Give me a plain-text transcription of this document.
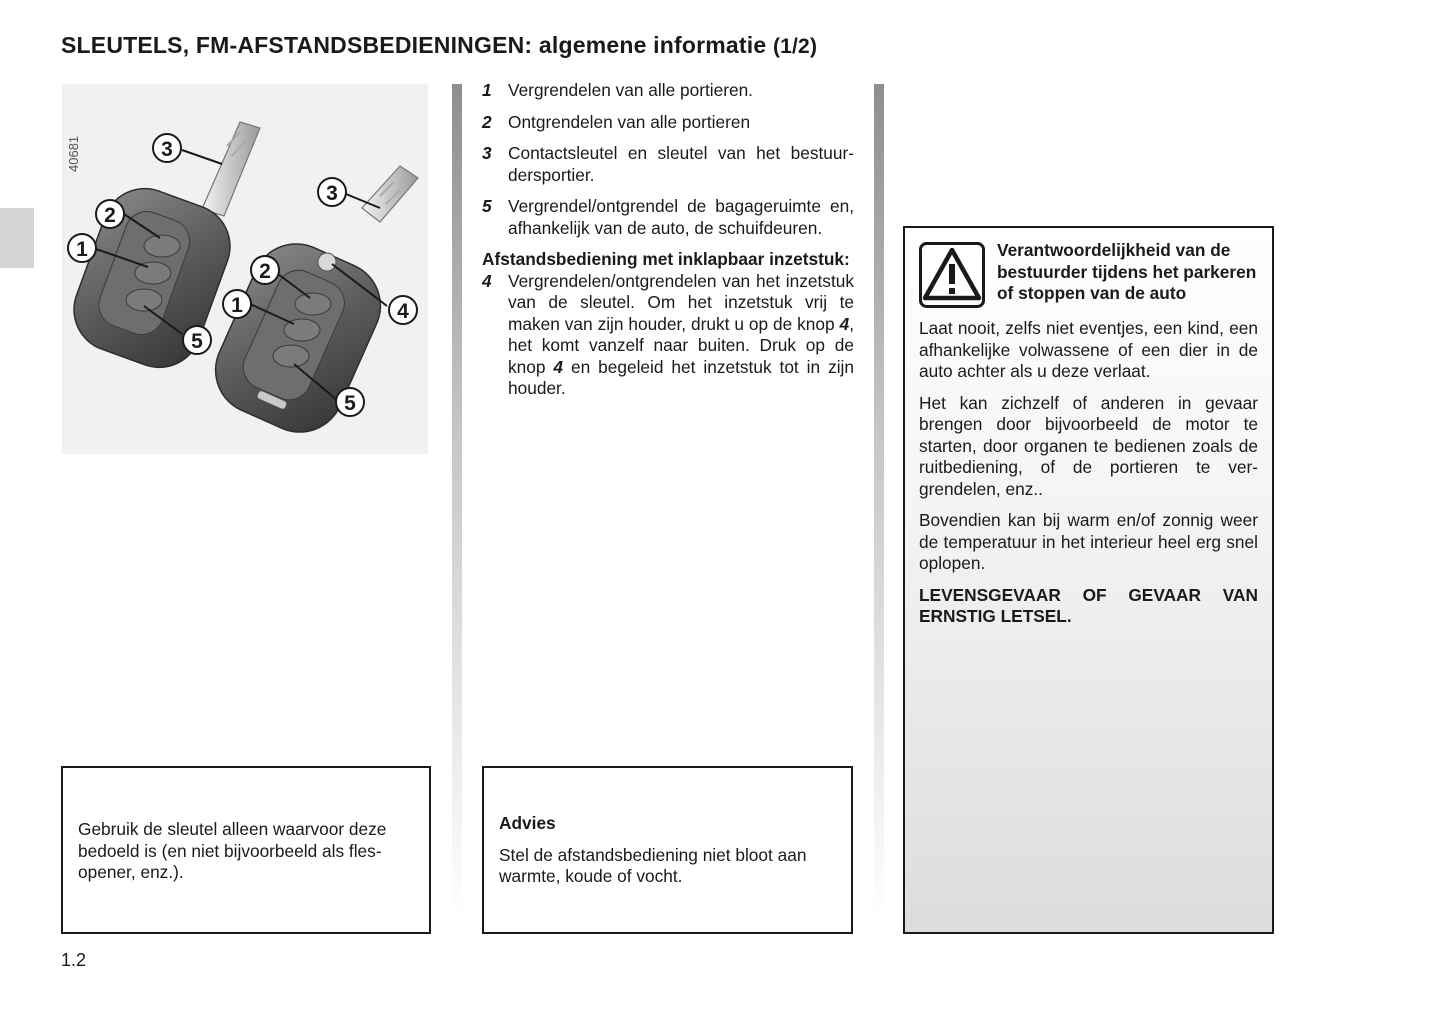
SLEUTELS, FM-AFSTANDSBEDIENINGEN: algemene informatie (1/2)
40681	3
2
1
5
3
2
1	4
5
1 Vergrendelen van alle portieren.
2 Ontgrendelen van alle portieren
3 Contactsleutel en sleutel van het bestuurdersportier.
5 Vergrendel/ontgrendel de bagageruimte en, afhankelijk van de auto, de schuifdeuren.
Afstandsbediening met inklapbaar inzetstuk:
4 Vergrendelen/ontgrendelen van het inzetstuk van de sleutel. Om het inzetstuk vrij te maken van zijn houder, drukt u op de knop 4, het komt vanzelf naar buiten. Druk op de knop 4 en begeleid het inzetstuk tot in zijn houder.
Gebruik de sleutel alleen waarvoor deze bedoeld is (en niet bijvoorbeeld als flesopener, enz.).
Advies
Stel de afstandsbediening niet bloot aan warmte, koude of vocht.
Verantwoordelijkheid van de bestuurder tijdens het parkeren of stoppen van de auto

Laat nooit, zelfs niet eventjes, een kind, een afhankelijke volwassene of een dier in de auto achter als u deze verlaat.

Het kan zichzelf of anderen in gevaar brengen door bijvoorbeeld de motor te starten, door organen te bedienen zoals de ruitbediening, of de portieren te vergrendelen, enz..

Bovendien kan bij warm en/of zonnig weer de temperatuur in het interieur heel erg snel oplopen.

LEVENSGEVAAR OF GEVAAR VAN ERNSTIG LETSEL.

1.2
